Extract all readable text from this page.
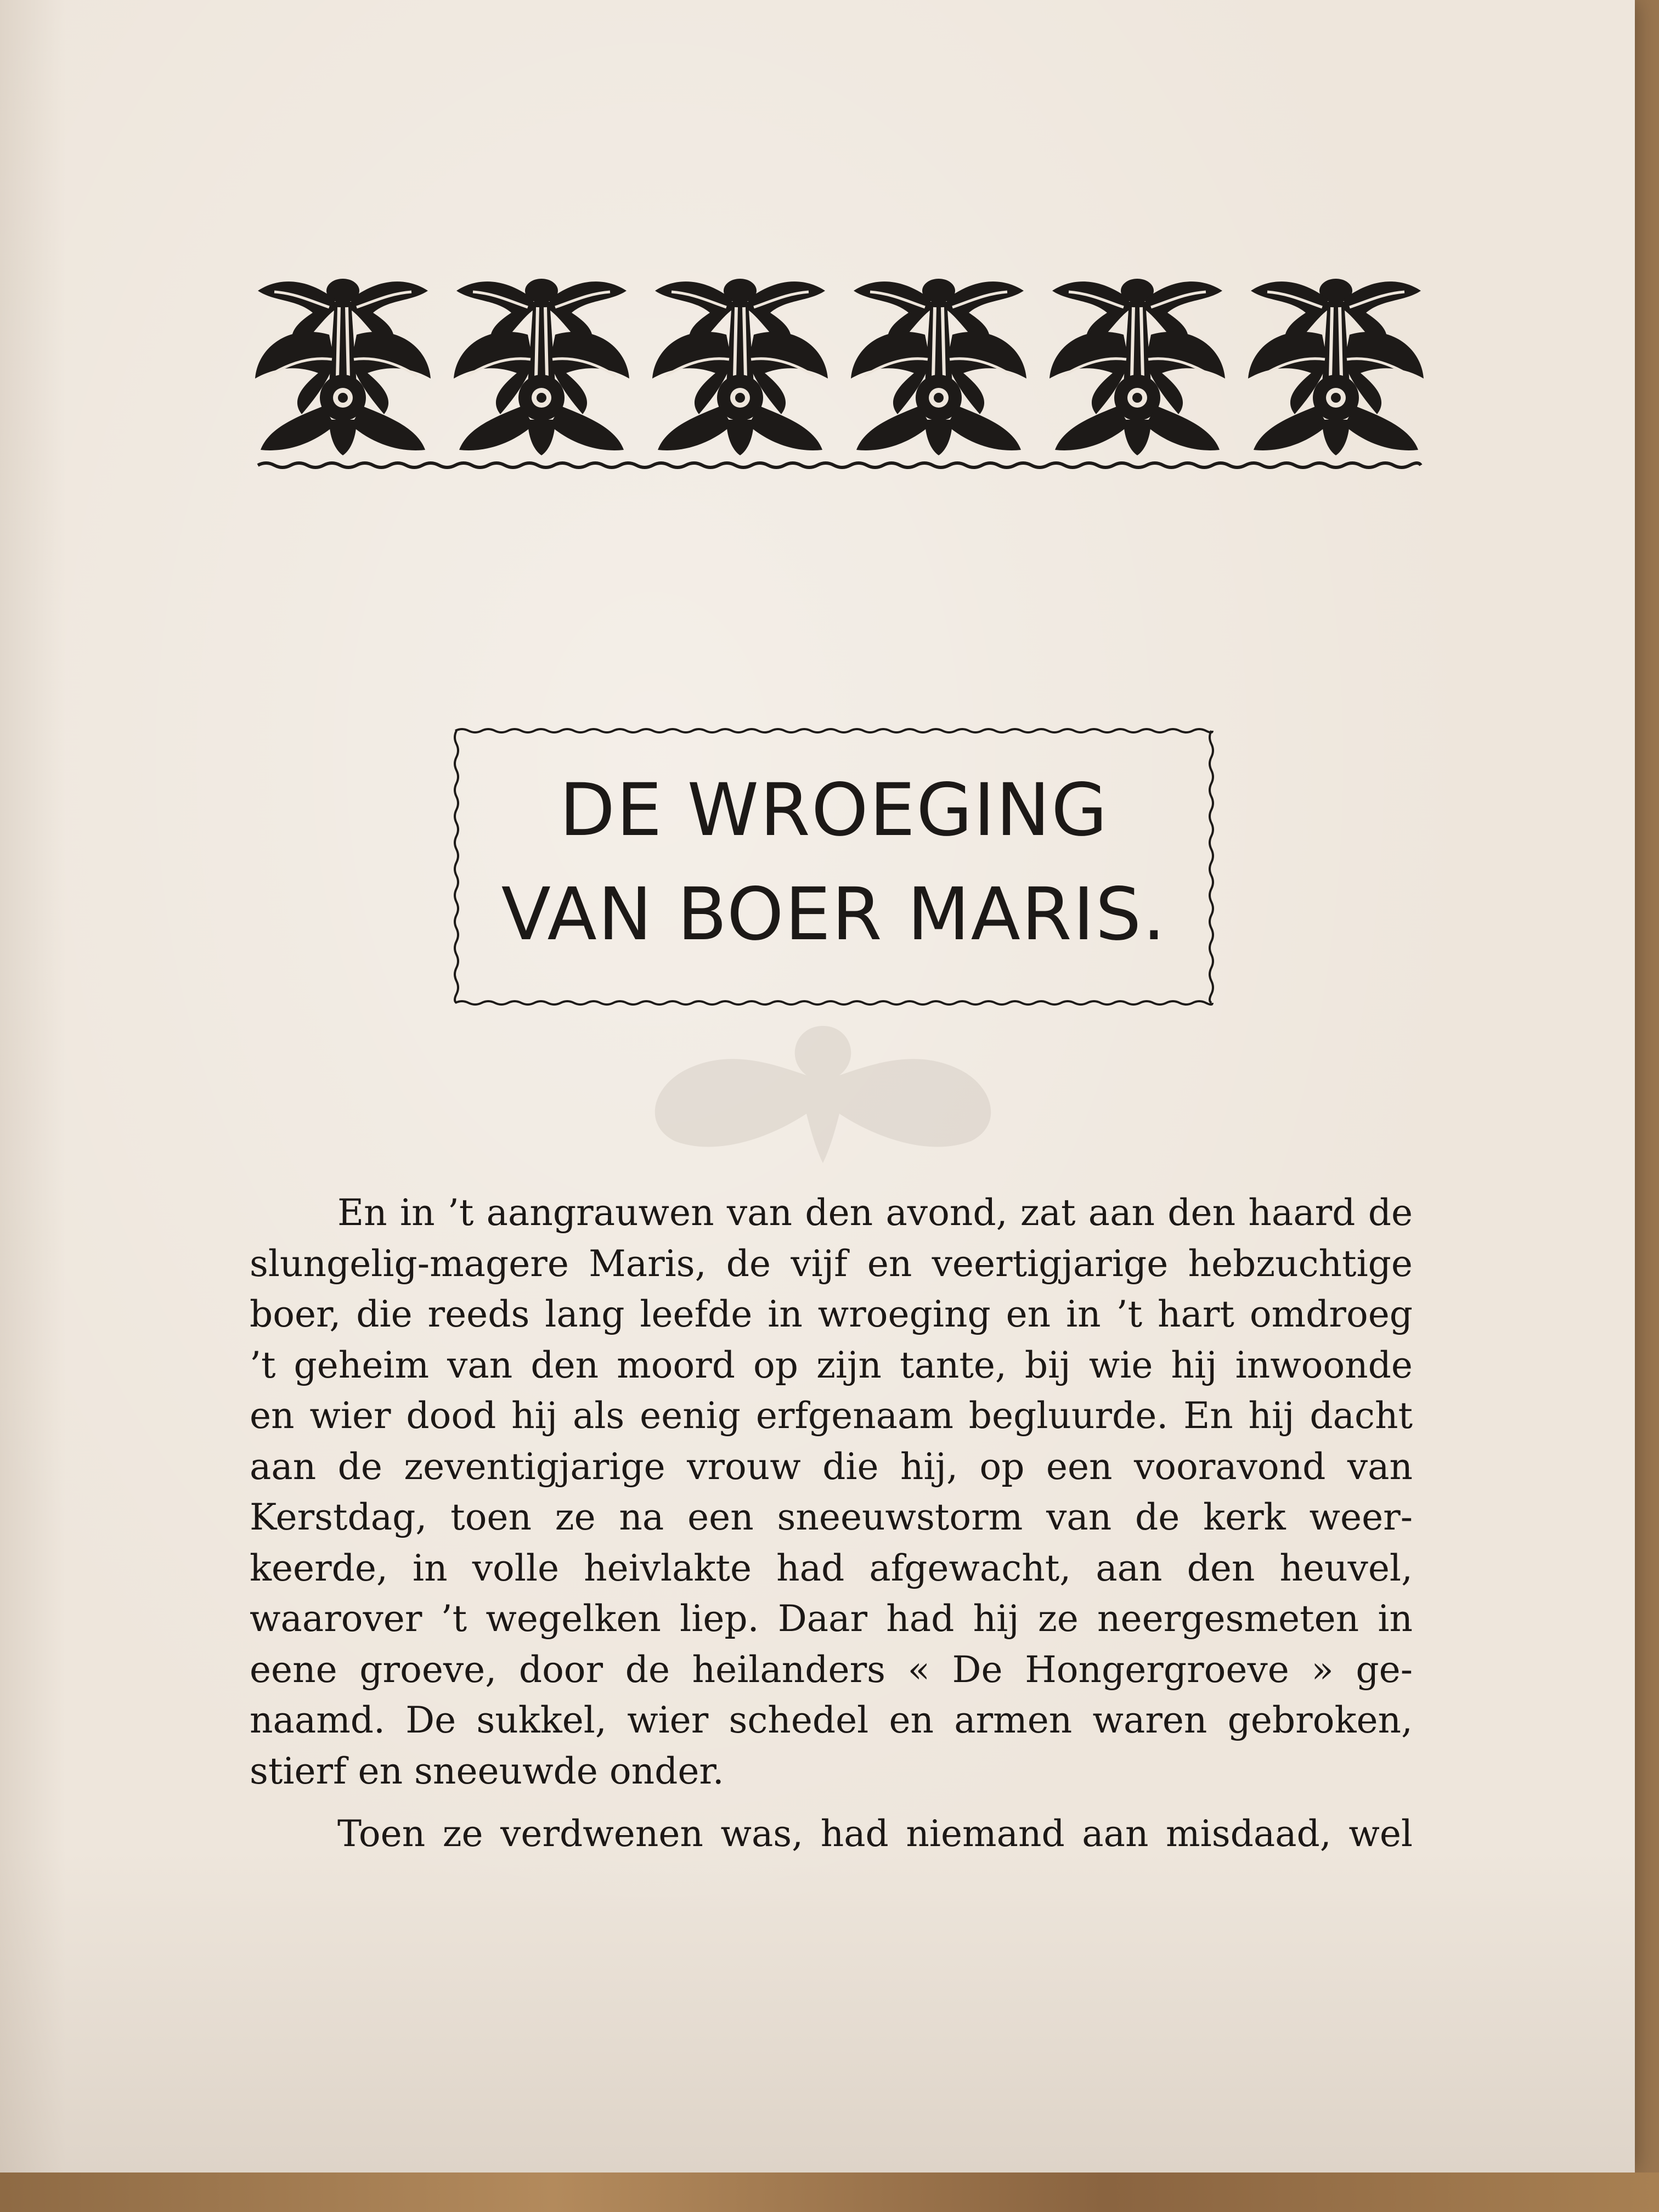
DE WROEGING
VAN BOER MARIS.
En in ’t aangrauwen van den avond, zat aan den haard de
slungelig-magere Maris, de vijf en veertigjarige hebzuchtige
boer, die reeds lang leefde in wroeging en in ’t hart omdroeg
’t geheim van den moord op zijn tante, bij wie hij inwoonde
en wier dood hij als eenig erfgenaam begluurde. En hij dacht
aan de zeventigjarige vrouw die hij, op een vooravond van
Kerstdag, toen ze na een sneeuwstorm van de kerk weer-
keerde, in volle heivlakte had afgewacht, aan den heuvel,
waarover ’t wegelken liep. Daar had hij ze neergesmeten in
eene groeve, door de heilanders « De Hongergroeve » ge-
naamd. De sukkel, wier schedel en armen waren gebroken,
stierf en sneeuwde onder.
Toen ze verdwenen was, had niemand aan misdaad, wel
